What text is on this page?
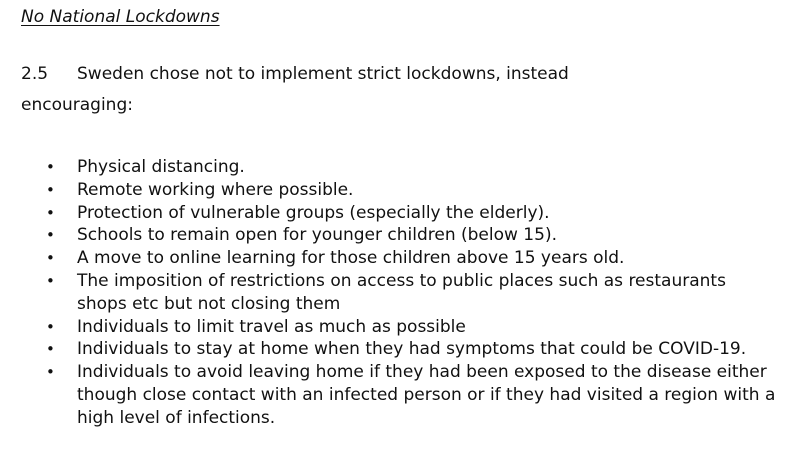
No National Lockdowns
2.5 Sweden chose not to implement strict lockdowns, instead
encouraging:
• Physical distancing.
• Remote working where possible.
• Protection of vulnerable groups (especially the elderly).
• Schools to remain open for younger children (below 15).
• A move to online learning for those children above 15 years old.
• The imposition of restrictions on access to public places such as restaurants shops etc but not closing them
• Individuals to limit travel as much as possible
• Individuals to stay at home when they had symptoms that could be COVID-19.
• Individuals to avoid leaving home if they had been exposed to the disease either though close contact with an infected person or if they had visited a region with a high level of infections.
